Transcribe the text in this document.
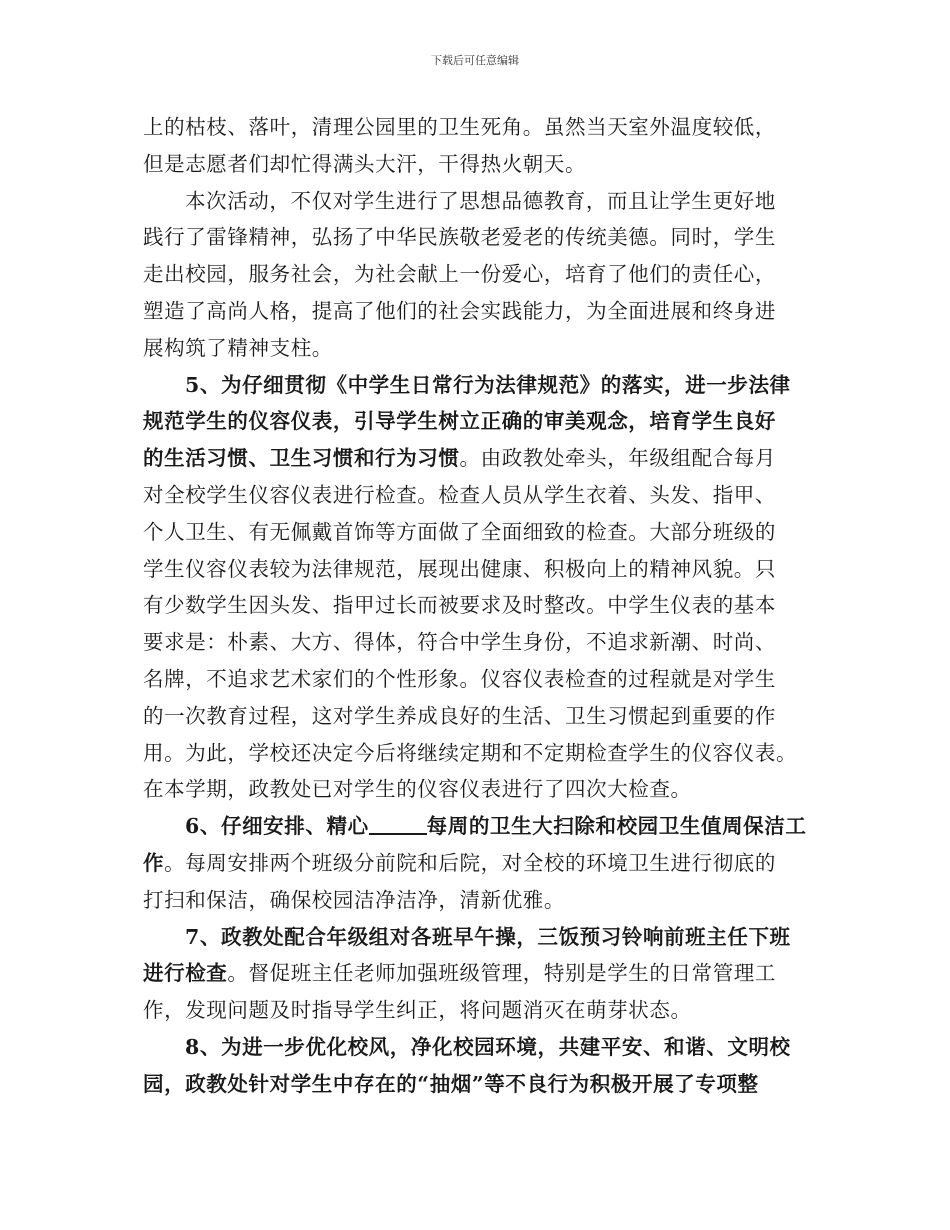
下载后可任意编辑

上的枯枝、落叶，清理公园里的卫生死角。虽然当天室外温度较低，

但是志愿者们却忙得满头大汗，干得热火朝天。

本次活动，不仅对学生进行了思想品德教育，而且让学生更好地

践行了雷锋精神，弘扬了中华民族敬老爱老的传统美德。同时，学生

走出校园，服务社会，为社会献上一份爱心，培育了他们的责任心，

塑造了高尚人格，提高了他们的社会实践能力，为全面进展和终身进

展构筑了精神支柱。

5、为仔细贯彻《中学生日常行为法律规范》的落实，进一步法律

规范学生的仪容仪表，引导学生树立正确的审美观念，培育学生良好

的生活习惯、卫生习惯和行为习惯。由政教处牵头，年级组配合每月

对全校学生仪容仪表进行检查。检查人员从学生衣着、头发、指甲、

个人卫生、有无佩戴首饰等方面做了全面细致的检查。大部分班级的

学生仪容仪表较为法律规范，展现出健康、积极向上的精神风貌。只

有少数学生因头发、指甲过长而被要求及时整改。中学生仪表的基本

要求是：朴素、大方、得体，符合中学生身份，不追求新潮、时尚、

名牌，不追求艺术家们的个性形象。仪容仪表检查的过程就是对学生

的一次教育过程，这对学生养成良好的生活、卫生习惯起到重要的作

用。为此，学校还决定今后将继续定期和不定期检查学生的仪容仪表。

在本学期，政教处已对学生的仪容仪表进行了四次大检查。

6、仔细安排、精心	每周的卫生大扫除和校园卫生值周保洁工

作。每周安排两个班级分前院和后院，对全校的环境卫生进行彻底的

打扫和保洁，确保校园洁净洁净，清新优雅。

7、政教处配合年级组对各班早午操，三饭预习铃响前班主任下班

进行检查。督促班主任老师加强班级管理，特别是学生的日常管理工

作，发现问题及时指导学生纠正，将问题消灭在萌芽状态。

8、为进一步优化校风，净化校园环境，共建平安、和谐、文明校

园，政教处针对学生中存在的“抽烟”等不良行为积极开展了专项整
